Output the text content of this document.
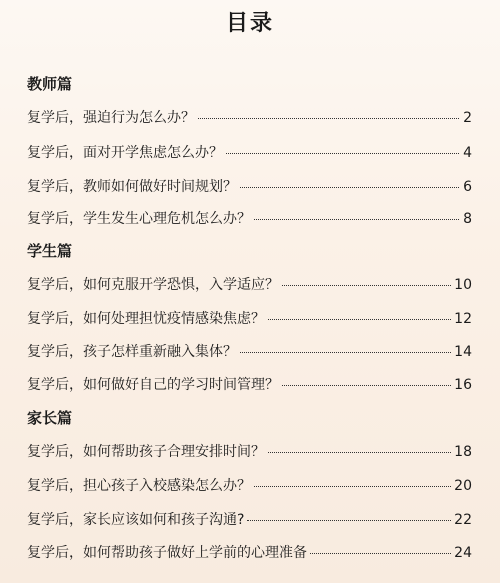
目录
教师篇
复学后，强迫行为怎么办？	2
复学后，面对开学焦虑怎么办？	4
复学后，教师如何做好时间规划？	6
复学后，学生发生心理危机怎么办？	8
学生篇
复学后，如何克服开学恐惧，入学适应？	10
复学后，如何处理担忧疫情感染焦虑？	12
复学后，孩子怎样重新融入集体？	14
复学后，如何做好自己的学习时间管理？	16
家长篇
复学后，如何帮助孩子合理安排时间？	18
复学后，担心孩子入校感染怎么办？	20
复学后，家长应该如何和孩子沟通?	22
复学后，如何帮助孩子做好上学前的心理准备	24
